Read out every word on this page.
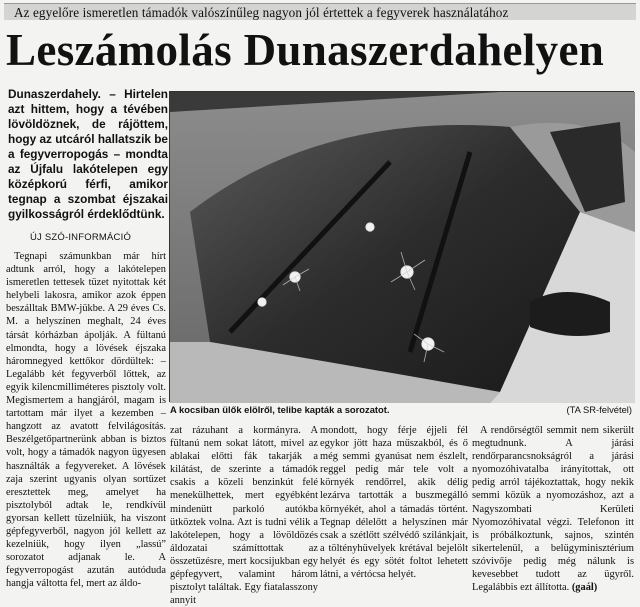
Az egyelőre ismeretlen támadók valószínűleg nagyon jól értettek a fegyverek használatához
Leszámolás Dunaszerdahelyen

Dunaszerdahely. – Hirtelen azt hittem, hogy a tévében lövöldöznek, de rájöttem, hogy az utcáról hallatszik be a fegyverropogás – mondta az Újfalu lakótelepen egy középkorú férfi, amikor tegnap a szombat éjszakai gyilkosságról érdeklődtünk.

ÚJ SZÓ-INFORMÁCIÓ

Tegnapi számunkban már hírt adtunk arról, hogy a lakótelepen ismeretlen tettesek tüzet nyitottak két helybeli lakosra, amikor azok éppen beszálltak BMW-jükbe. A 29 éves Cs. M. a helyszínen meghalt, 24 éves társát kórházban ápolják. A fültanú elmondta, hogy a lövések éjszaka háromnegyed kettőkor dördültek: – Legalább két fegyverből lőttek, az egyik kilencmilliméteres pisztoly volt. Megismertem a hangjáról, magam is tartottam már ilyet a kezemben – hangzott az avatott felvilágosítás. Beszélgetőpartnerünk abban is biztos volt, hogy a támadók nagyon ügyesen használták a fegyvereket. A lövések zaja szerint ugyanis olyan sortüzet eresztettek meg, amelyet ha pisztolyból adtak le, rendkívül gyorsan kellett tüzelniük, ha viszont gépfegyverből, nagyon jól kellett az kezelniük, hogy ilyen „lassú” sorozatot adjanak le. A fegyverropogást azután autóduda hangja váltotta fel, mert az áldo-

A kocsiban ülők elölről, telibe kapták a sorozatot.	(TA SR-felvétel)

zat rázuhant a kormányra. A fültanú nem sokat látott, mivel az ablakai előtti fák takarják a kilátást, de szerinte a támadók csakis a közeli benzinkút felé menekülhettek, mert egyébként mindenütt parkoló autókba ütköztek volna. Azt is tudni vélik a lakótelepen, hogy a lövöldözés áldozatai számíttottak az összetűzésre, mert kocsijukban egy gépfegyvert, valamint három pisztolyt találtak. Egy fiatalasszony annyit

mondott, hogy férje éjjeli fél egykor jött haza műszakból, és ő még semmi gyanúsat nem észlelt, reggel pedig már tele volt a környék rendőrrel, akik délig lezárva tartották a buszmegálló környékét, ahol a támadás történt. Tegnap délelőtt a helyszínen már csak a szétlőtt szélvédő szilánkjait, a töltényhüvelyek krétával bejelölt helyét és egy sötét foltot lehetett látni, a vértócsa helyét.

A rendőrségtől semmit nem sikerült megtudnunk. A járási rendőrparancsnokságról a járási nyomozóhivatalba irányítottak, ott pedig arról tájékoztattak, hogy nekik semmi közük a nyomozáshoz, azt a Nagyszombati Kerületi Nyomozóhivatal végzi. Telefonon itt is próbálkoztunk, sajnos, szintén sikertelenül, a belügyminisztérium szóvivője pedig még nálunk is kevesebbet tudott az ügyről. Legalábbis ezt állította. (gaál)
